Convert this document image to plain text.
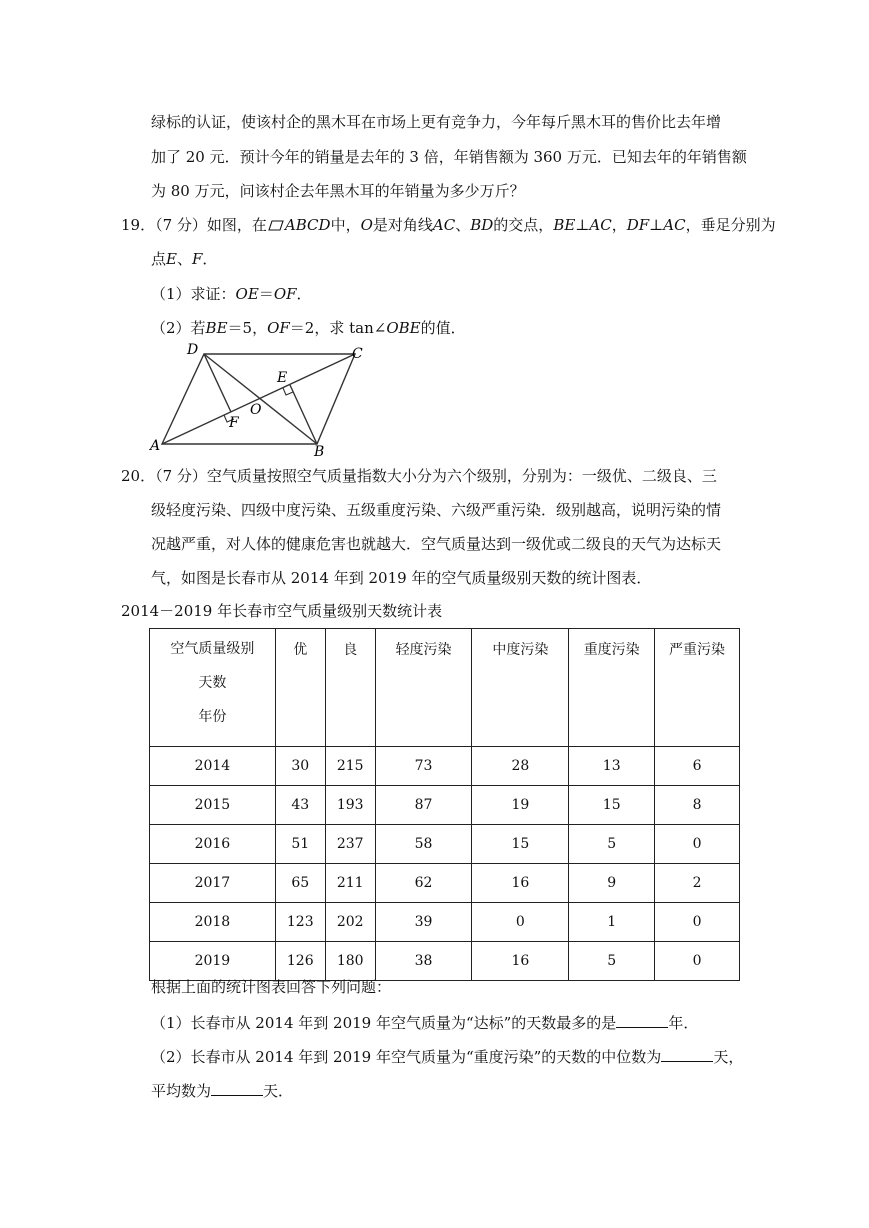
绿标的认证，使该村企的黑木耳在市场上更有竞争力，今年每斤黑木耳的售价比去年增
加了 20 元．预计今年的销量是去年的 3 倍，年销售额为 360 万元．已知去年的年销售额
为 80 万元，问该村企去年黑木耳的年销量为多少万斤？
19．（7 分）如图，在 ABCD中，O是对角线AC、BD的交点，BE⊥AC，DF⊥AC，垂足分别为
点E、F．
（1）求证：OE＝OF．
（2）若BE＝5，OF＝2，求 tan∠OBE的值．
D	C
E
F
O
A	B
20．（7 分）空气质量按照空气质量指数大小分为六个级别，分别为：一级优、二级良、三
级轻度污染、四级中度污染、五级重度污染、六级严重污染．级别越高，说明污染的情
况越严重，对人体的健康危害也就越大．空气质量达到一级优或二级良的天气为达标天
气，如图是长春市从 2014 年到 2019 年的空气质量级别天数的统计图表．
2014－2019 年长春市空气质量级别天数统计表
空气质量级别
天数
年份	优	良	轻度污染	中度污染	重度污染	严重污染
2014	30	215	73	28	13	6
2015	43	193	87	19	15	8
2016	51	237	58	15	5	0
2017	65	211	62	16	9	2
2018	123	202	39	0	1	0
2019	126	180	38	16	5	0
根据上面的统计图表回答下列问题：
（1）长春市从 2014 年到 2019 年空气质量为“达标”的天数最多的是	年．
（2）长春市从 2014 年到 2019 年空气质量为“重度污染”的天数的中位数为	天，
平均数为	天．
